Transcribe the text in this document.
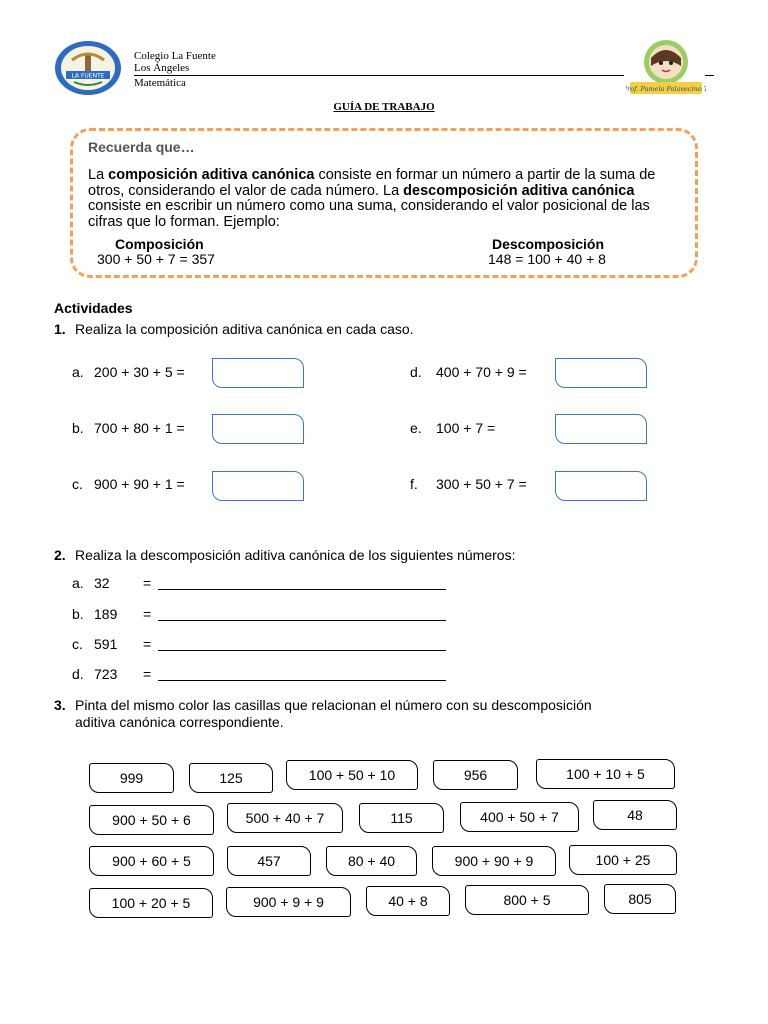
LA FUENTE
Colegio La Fuente
Los Ángeles
Matemática	Prof. Pamela Palavecino T.
GUÍA DE TRABAJO
Recuerda que…
La composición aditiva canónica consiste en formar un número a partir de la suma de otros, considerando el valor de cada número. La descomposición aditiva canónica consiste en escribir un número como una suma, considerando el valor posicional de las cifras que lo forman. Ejemplo:
Composición
300 + 50 + 7 = 357
Descomposición
148 = 100 + 40 + 8
Actividades
1. Realiza la composición aditiva canónica en cada caso.
a. 200 + 30 + 5 =
b. 700 + 80 + 1 =
c. 900 + 90 + 1 =
d. 400 + 70 + 9 =
e. 100 + 7 =
f. 300 + 50 + 7 =
2. Realiza la descomposición aditiva canónica de los siguientes números:
a. 32 =
b. 189 =
c. 591 =
d. 723 =
3. Pinta del mismo color las casillas que relacionan el número con su descomposición
aditiva canónica correspondiente.
999	125	100 + 50 + 10	956	100 + 10 + 5
900 + 50 + 6	500 + 40 + 7	115	400 + 50 + 7	48
900 + 60 + 5	457	80 + 40	900 + 90 + 9	100 + 25
100 + 20 + 5	900 + 9 + 9	40 + 8	800 + 5	805
